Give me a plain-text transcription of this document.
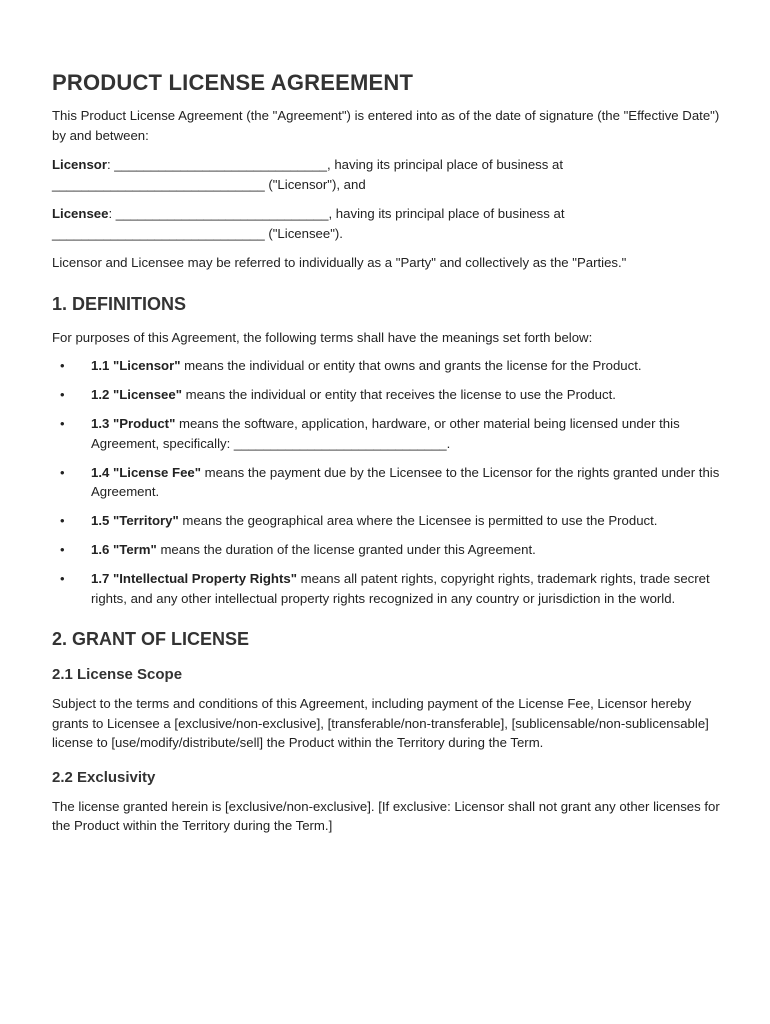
PRODUCT LICENSE AGREEMENT

This Product License Agreement (the "Agreement") is entered into as of the date of signature (the "Effective Date") by and between:

Licensor: _____________________________, having its principal place of business at _____________________________ ("Licensor"), and

Licensee: _____________________________, having its principal place of business at _____________________________ ("Licensee").

Licensor and Licensee may be referred to individually as a "Party" and collectively as the "Parties."

1. DEFINITIONS

For purposes of this Agreement, the following terms shall have the meanings set forth below:

• 1.1 "Licensor" means the individual or entity that owns and grants the license for the Product.
• 1.2 "Licensee" means the individual or entity that receives the license to use the Product.
• 1.3 "Product" means the software, application, hardware, or other material being licensed under this Agreement, specifically: _____________________________.
• 1.4 "License Fee" means the payment due by the Licensee to the Licensor for the rights granted under this Agreement.
• 1.5 "Territory" means the geographical area where the Licensee is permitted to use the Product.
• 1.6 "Term" means the duration of the license granted under this Agreement.
• 1.7 "Intellectual Property Rights" means all patent rights, copyright rights, trademark rights, trade secret rights, and any other intellectual property rights recognized in any country or jurisdiction in the world.
2. GRANT OF LICENSE
2.1 License Scope

Subject to the terms and conditions of this Agreement, including payment of the License Fee, Licensor hereby grants to Licensee a [exclusive/non-exclusive], [transferable/non-transferable], [sublicensable/non-sublicensable] license to [use/modify/distribute/sell] the Product within the Territory during the Term.

2.2 Exclusivity

The license granted herein is [exclusive/non-exclusive]. [If exclusive: Licensor shall not grant any other licenses for the Product within the Territory during the Term.]
